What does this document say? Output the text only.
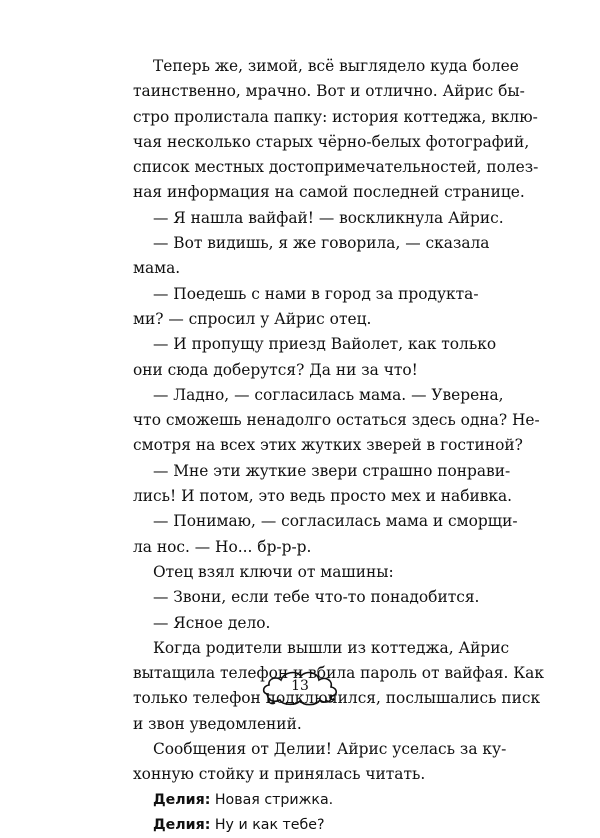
Теперь же, зимой, всё выглядело куда более
таинственно, мрачно. Вот и отлично. Айрис бы-
стро пролистала папку: история коттеджа, вклю-
чая несколько старых чёрно-белых фотографий,
список местных достопримечательностей, полез-
ная информация на самой последней странице.

— Я нашла вайфай! — воскликнула Айрис.

— Вот видишь, я же говорила, — сказала
мама.

— Поедешь с нами в город за продукта-
ми? — спросил у Айрис отец.

— И пропущу приезд Вайолет, как только
они сюда доберутся? Да ни за что!

— Ладно, — согласилась мама. — Уверена,
что сможешь ненадолго остаться здесь одна? Не-
смотря на всех этих жутких зверей в гостиной?

— Мне эти жуткие звери страшно понрави-
лись! И потом, это ведь просто мех и набивка.

— Понимаю, — согласилась мама и сморщи-
ла нос. — Но... бр-р-р.

Отец взял ключи от машины:

— Звони, если тебе что-то понадобится.

— Ясное дело.

Когда родители вышли из коттеджа, Айрис
вытащила телефон и вбила пароль от вайфая. Как
только телефон подключился, послышались писк
и звон уведомлений.

Сообщения от Делии! Айрис уселась за ку-
хонную стойку и принялась читать.

Делия: Новая стрижка.

Делия: Ну и как тебе?

13
